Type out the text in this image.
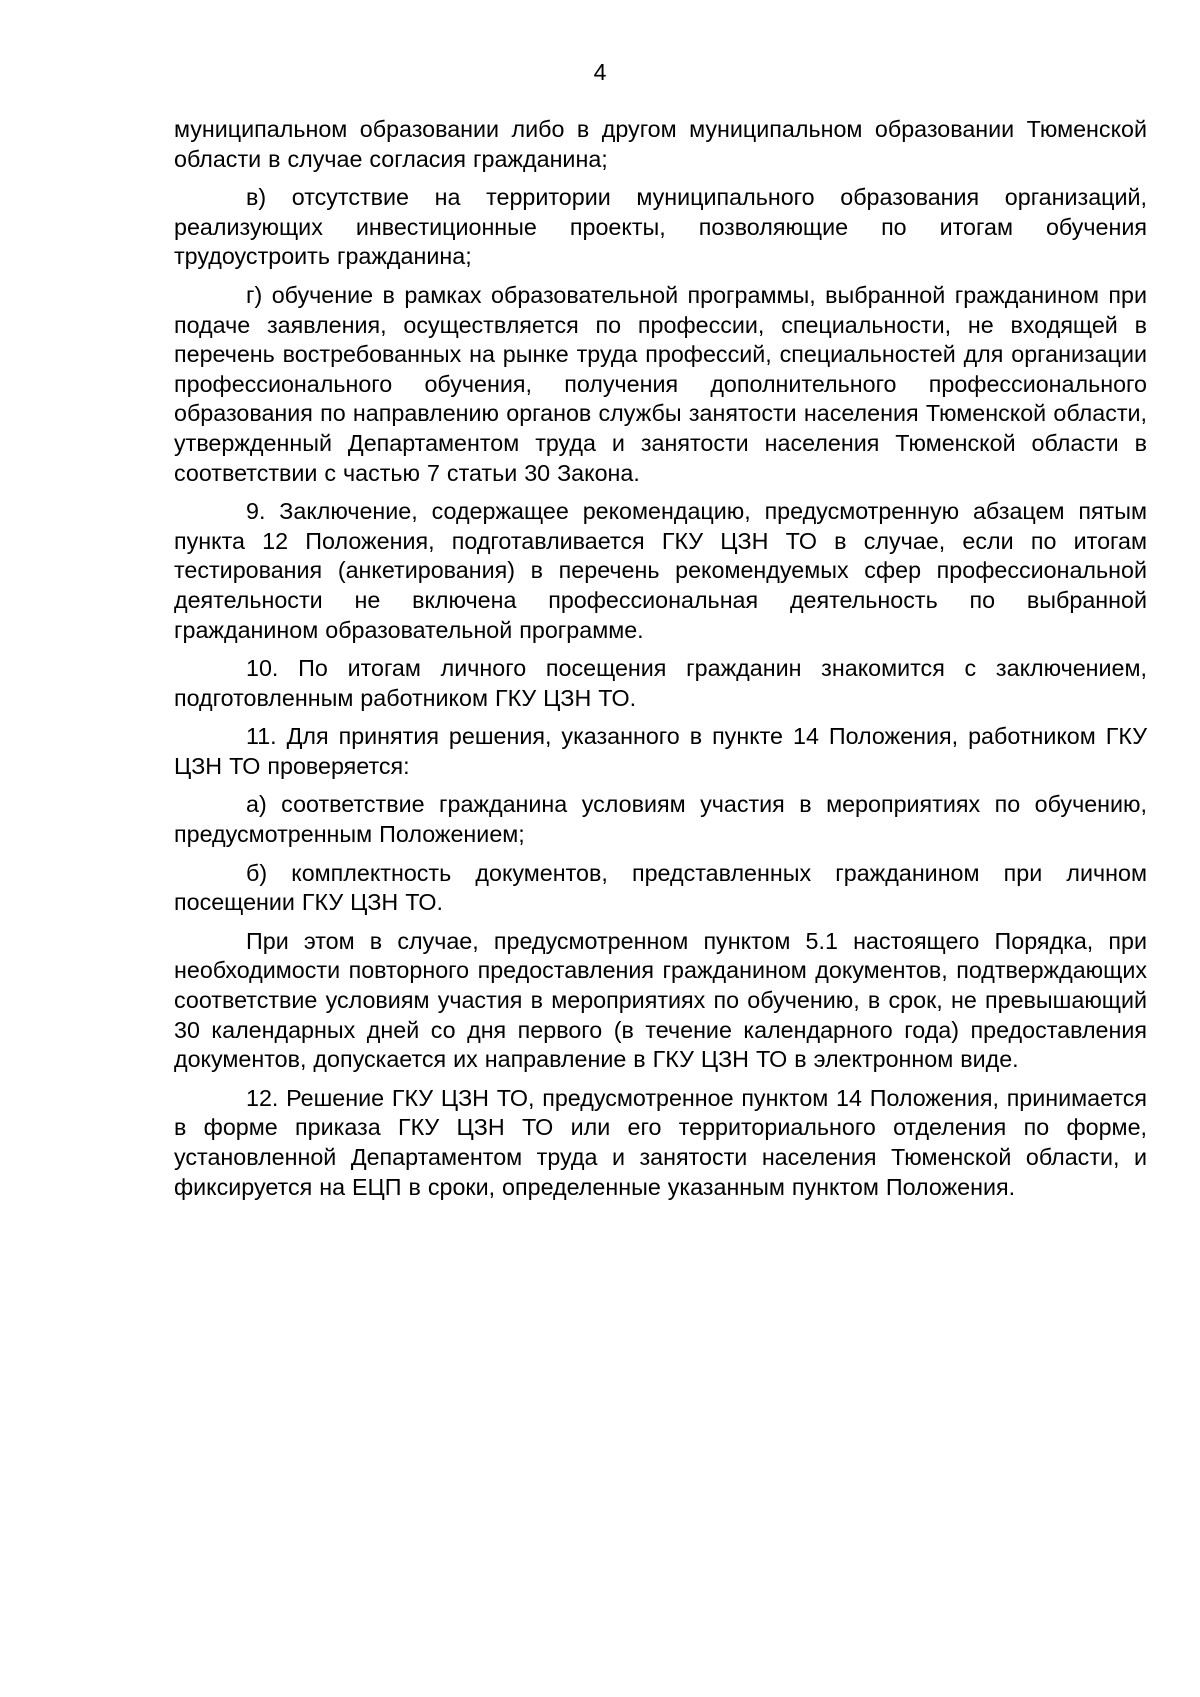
4

муниципальном образовании либо в другом муниципальном образовании Тюменской области в случае согласия гражданина;

в) отсутствие на территории муниципального образования организаций, реализующих инвестиционные проекты, позволяющие по итогам обучения трудоустроить гражданина;

г) обучение в рамках образовательной программы, выбранной гражданином при подаче заявления, осуществляется по профессии, специальности, не входящей в перечень востребованных на рынке труда профессий, специальностей для организации профессионального обучения, получения дополнительного профессионального образования по направлению органов службы занятости населения Тюменской области, утвержденный Департаментом труда и занятости населения Тюменской области в соответствии с частью 7 статьи 30 Закона.

9. Заключение, содержащее рекомендацию, предусмотренную абзацем пятым пункта 12 Положения, подготавливается ГКУ ЦЗН ТО в случае, если по итогам тестирования (анкетирования) в перечень рекомендуемых сфер профессиональной деятельности не включена профессиональная деятельность по выбранной гражданином образовательной программе.

10. По итогам личного посещения гражданин знакомится с заключением, подготовленным работником ГКУ ЦЗН ТО.

11. Для принятия решения, указанного в пункте 14 Положения, работником ГКУ ЦЗН ТО проверяется:

а) соответствие гражданина условиям участия в мероприятиях по обучению, предусмотренным Положением;

б) комплектность документов, представленных гражданином при личном посещении ГКУ ЦЗН ТО.

При этом в случае, предусмотренном пунктом 5.1 настоящего Порядка, при необходимости повторного предоставления гражданином документов, подтверждающих соответствие условиям участия в мероприятиях по обучению, в срок, не превышающий 30 календарных дней со дня первого (в течение календарного года) предоставления документов, допускается их направление в ГКУ ЦЗН ТО в электронном виде.

12. Решение ГКУ ЦЗН ТО, предусмотренное пунктом 14 Положения, принимается в форме приказа ГКУ ЦЗН ТО или его территориального отделения по форме, установленной Департаментом труда и занятости населения Тюменской области, и фиксируется на ЕЦП в сроки, определенные указанным пунктом Положения.
